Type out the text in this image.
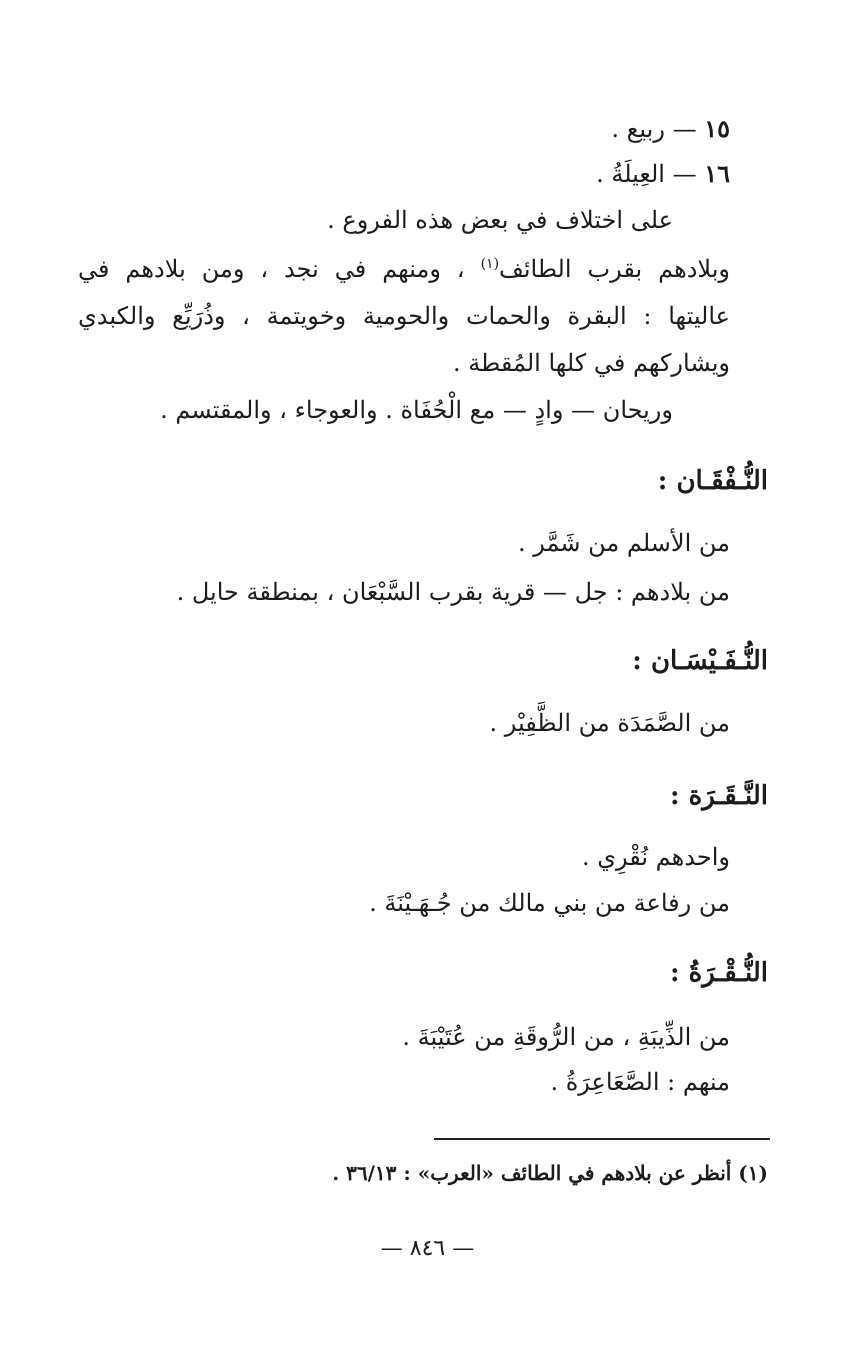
١٥ — ربيع .
١٦ — العِيلَةُ .
على اختلاف في بعض هذه الفروع .
وبلادهم بقرب الطائف$^{(١)}$ ، ومنهم في نجد ، ومن بلادهم في
عاليتها : البقرة والحمات والحومية وخويتمة ، وذُرَيِّع والكبدي
ويشاركهم في كلها المُقطة .
وريحان — وادٍ — مع الْحُفَاة . والعوجاء ، والمقتسم .
النُّـفْقَـان :
من الأسلم من شَمَّر .
من بلادهم : جل — قرية بقرب السَّبْعَان ، بمنطقة حايل .
النُّـفَـيْسَـان :
من الصَّمَدَة من الظَّفِيْر .
النَّـقَـرَة :
واحدهم نُقْرِي .
من رفاعة من بني مالك من جُـهَـيْنَةَ .
النُّـقْـرَةُ :
من الذِّيبَةِ ، من الرُّوقَةِ من عُتَيْبَةَ .
منهم : الصَّعَاعِرَةُ .
(١) أنظر عن بلادهم في الطائف «العرب» : ٣٦/١٣ .
— ٨٤٦ —
